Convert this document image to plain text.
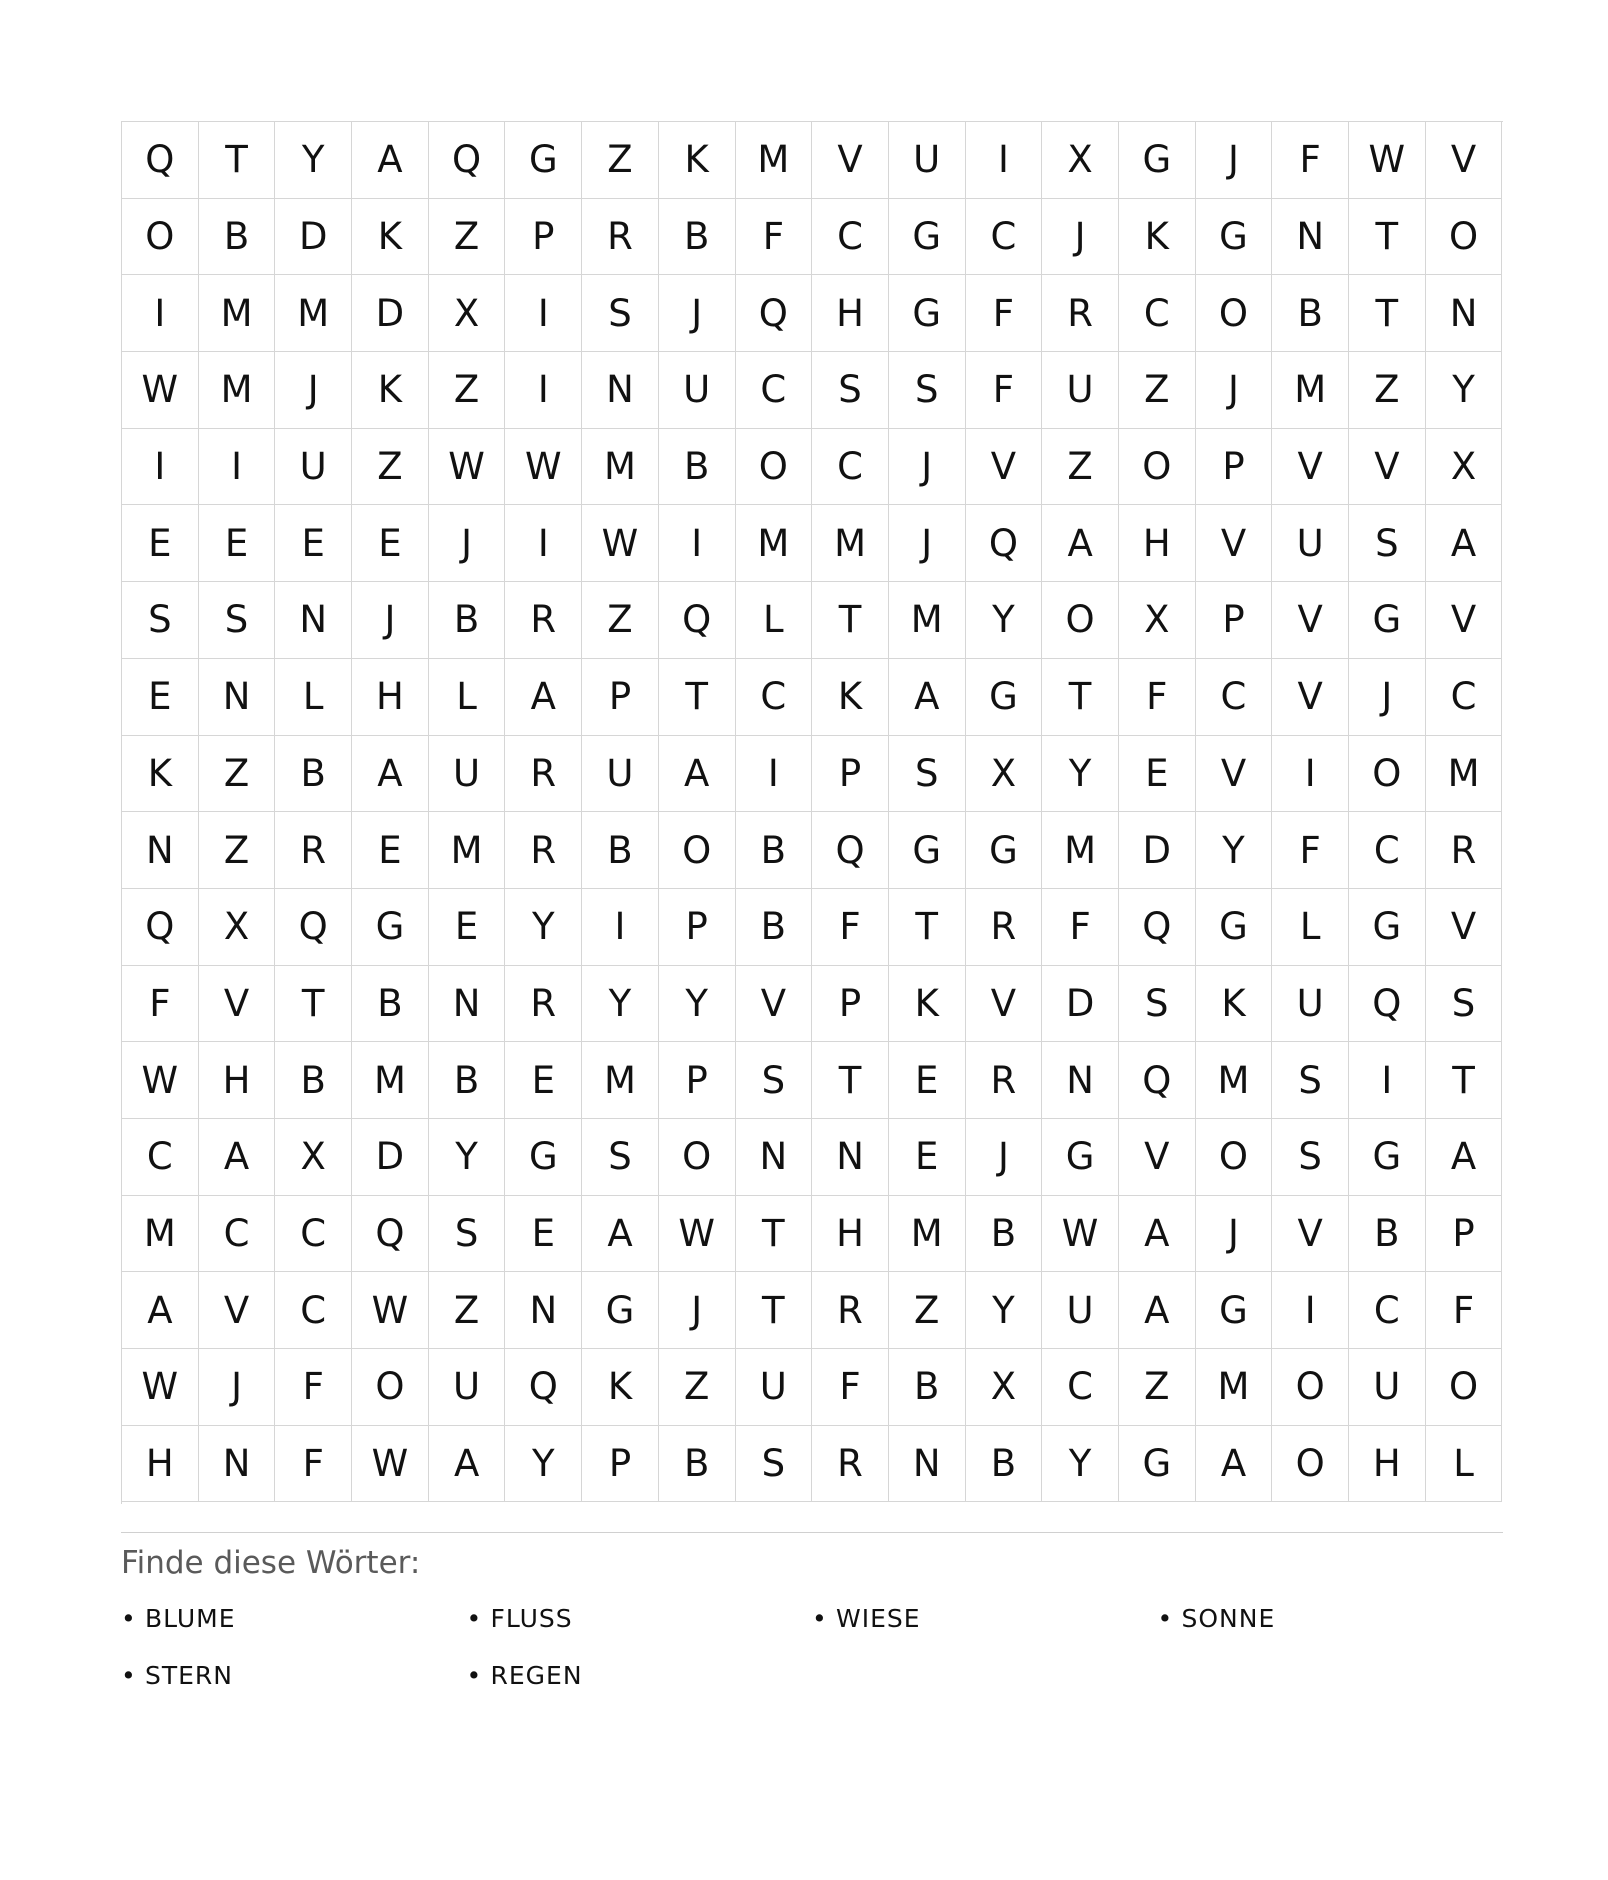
Q	T	Y	A	Q	G	Z	K	M	V	U	I	X	G	J	F	W	V
O	B	D	K	Z	P	R	B	F	C	G	C	J	K	G	N	T	O
I	M	M	D	X	I	S	J	Q	H	G	F	R	C	O	B	T	N
W	M	J	K	Z	I	N	U	C	S	S	F	U	Z	J	M	Z	Y
I	I	U	Z	W	W	M	B	O	C	J	V	Z	O	P	V	V	X
E	E	E	E	J	I	W	I	M	M	J	Q	A	H	V	U	S	A
S	S	N	J	B	R	Z	Q	L	T	M	Y	O	X	P	V	G	V
E	N	L	H	L	A	P	T	C	K	A	G	T	F	C	V	J	C
K	Z	B	A	U	R	U	A	I	P	S	X	Y	E	V	I	O	M
N	Z	R	E	M	R	B	O	B	Q	G	G	M	D	Y	F	C	R
Q	X	Q	G	E	Y	I	P	B	F	T	R	F	Q	G	L	G	V
F	V	T	B	N	R	Y	Y	V	P	K	V	D	S	K	U	Q	S
W	H	B	M	B	E	M	P	S	T	E	R	N	Q	M	S	I	T
C	A	X	D	Y	G	S	O	N	N	E	J	G	V	O	S	G	A
M	C	C	Q	S	E	A	W	T	H	M	B	W	A	J	V	B	P
A	V	C	W	Z	N	G	J	T	R	Z	Y	U	A	G	I	C	F
W	J	F	O	U	Q	K	Z	U	F	B	X	C	Z	M	O	U	O
H	N	F	W	A	Y	P	B	S	R	N	B	Y	G	A	O	H	L
Finde diese Wörter:
• BLUME	• FLUSS	• WIESE	• SONNE
• STERN	• REGEN
